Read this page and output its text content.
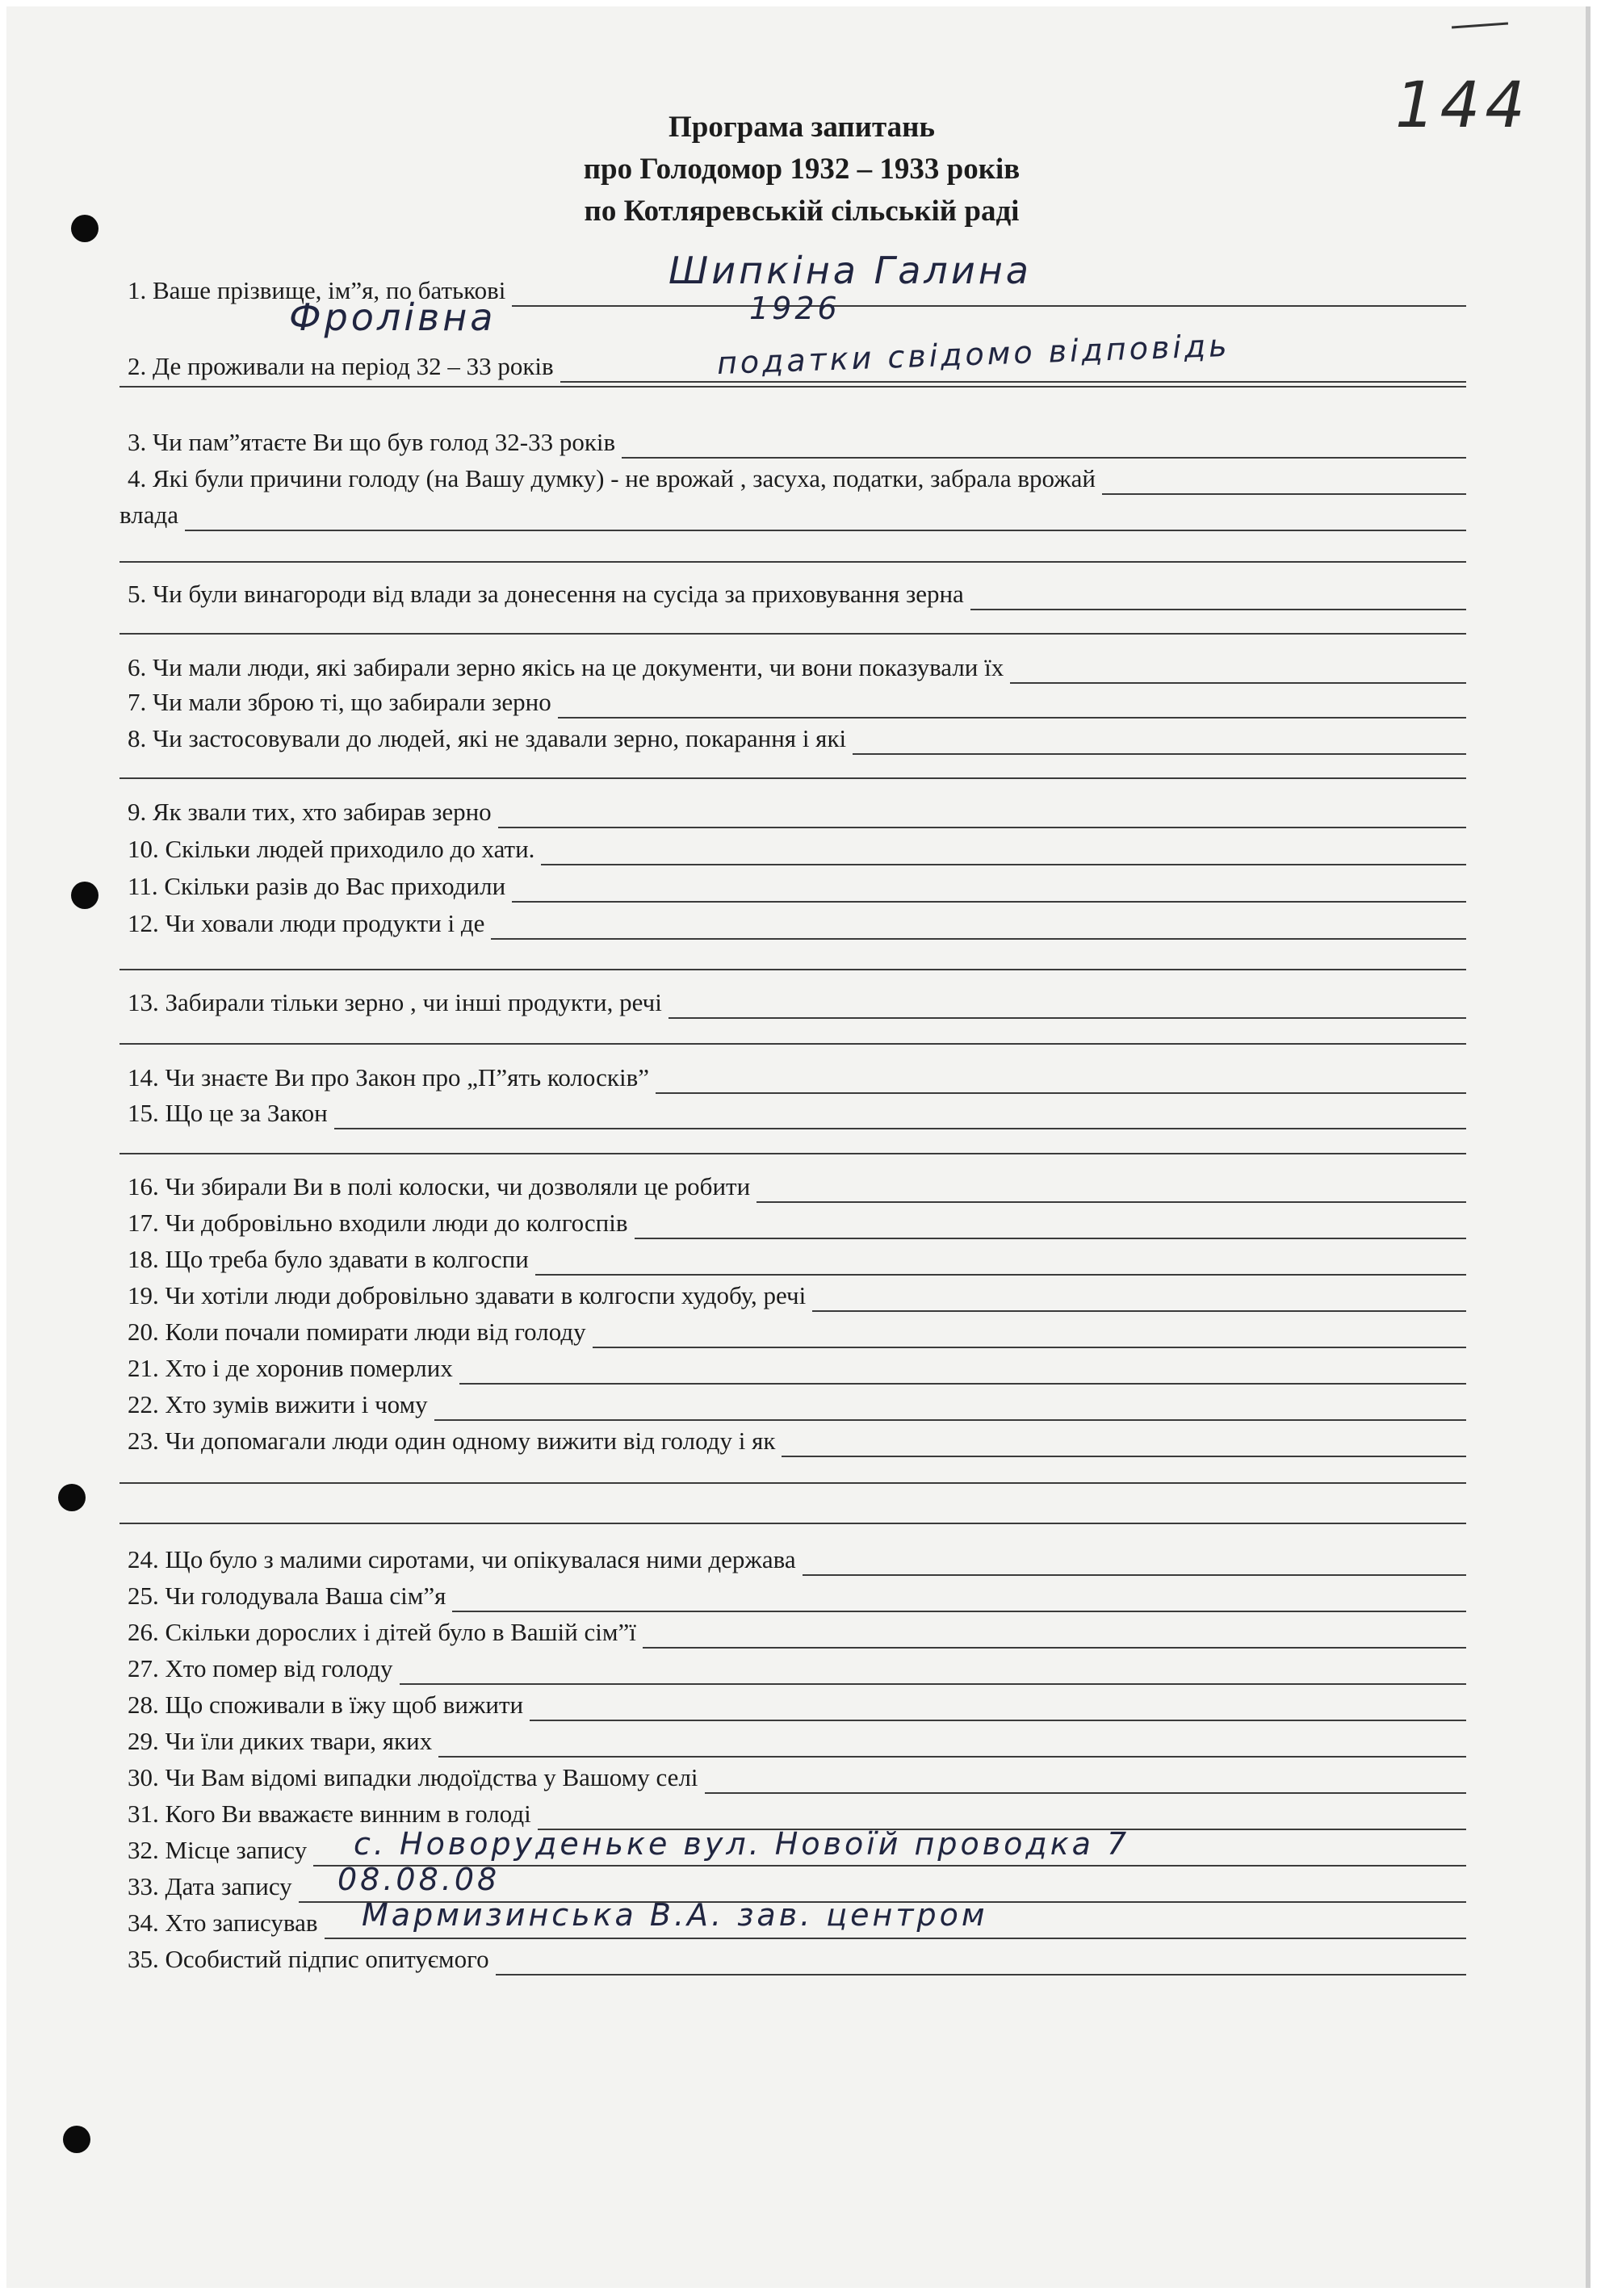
144
Програма запитань
про Голодомор 1932 – 1933 років
по Котляревській сільській раді
1. Ваше прізвище, ім”я, по батькові
2. Де проживали на період 32 – 33 років
3. Чи пам”ятаєте Ви що був голод 32-33 років
4. Які були причини голоду (на Вашу думку) - не врожай , засуха, податки, забрала врожай
5. Чи були винагороди від влади за донесення на сусіда за приховування зерна
6. Чи мали люди, які забирали зерно якісь на це документи, чи вони показували їх
7. Чи мали зброю ті, що забирали зерно
8. Чи застосовували до людей, які не здавали зерно, покарання і які
9. Як звали тих, хто забирав зерно
10. Скільки людей приходило до хати.
11. Скільки разів до Вас приходили
12. Чи ховали люди продукти і де
13. Забирали тільки зерно , чи інші продукти, речі
14. Чи знаєте Ви про Закон про „П”ять колосків”
15. Що це за Закон
16. Чи збирали Ви в полі колоски, чи дозволяли це робити
17. Чи добровільно входили люди до колгоспів
18. Що треба було здавати в колгоспи
19. Чи хотіли люди добровільно здавати в колгоспи худобу, речі
20. Коли почали помирати люди від голоду
21. Хто і де хоронив померлих
22. Хто зумів вижити і чому
23. Чи допомагали люди один одному вижити від голоду і як
24. Що було з малими сиротами, чи опікувалася ними держава
25. Чи голодувала Ваша сім”я
26. Скільки дорослих і дітей було в Вашій сім”ї
27. Хто помер від голоду
28. Що споживали в їжу щоб вижити
29. Чи їли диких твари, яких
30. Чи Вам відомі випадки людоїдства у Вашому селі
31. Кого Ви вважаєте винним в голоді
32. Місце запису
33. Дата запису
34. Хто записував
35. Особистий підпис опитуємого
влада
Шипкіна Галина
Фролівна	1926
податки свідомо відповідь
с. Новоруденьке вул. Новоїй проводка 7
08.08.08
Мармизинська В.А. зав. центром
